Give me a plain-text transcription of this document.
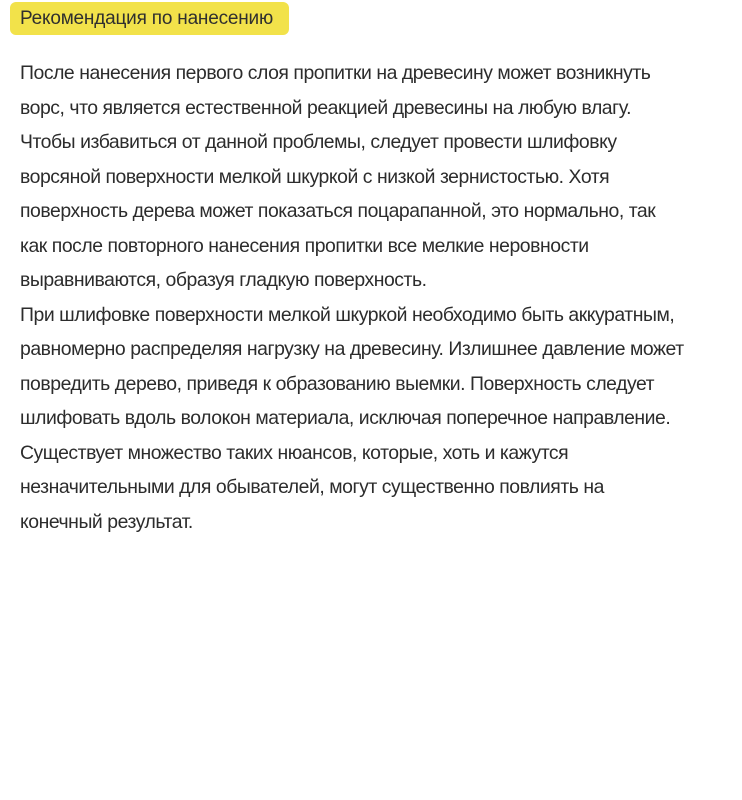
Рекомендация по нанесению
После нанесения первого слоя пропитки на древесину может возникнуть
ворс, что является естественной реакцией древесины на любую влагу.
Чтобы избавиться от данной проблемы, следует провести шлифовку
ворсяной поверхности мелкой шкуркой с низкой зернистостью. Хотя
поверхность дерева может показаться поцарапанной, это нормально, так
как после повторного нанесения пропитки все мелкие неровности
выравниваются, образуя гладкую поверхность.
При шлифовке поверхности мелкой шкуркой необходимо быть аккуратным,
равномерно распределяя нагрузку на древесину. Излишнее давление может
повредить дерево, приведя к образованию выемки. Поверхность следует
шлифовать вдоль волокон материала, исключая поперечное направление.
Существует множество таких нюансов, которые, хоть и кажутся
незначительными для обывателей, могут существенно повлиять на
конечный результат.
